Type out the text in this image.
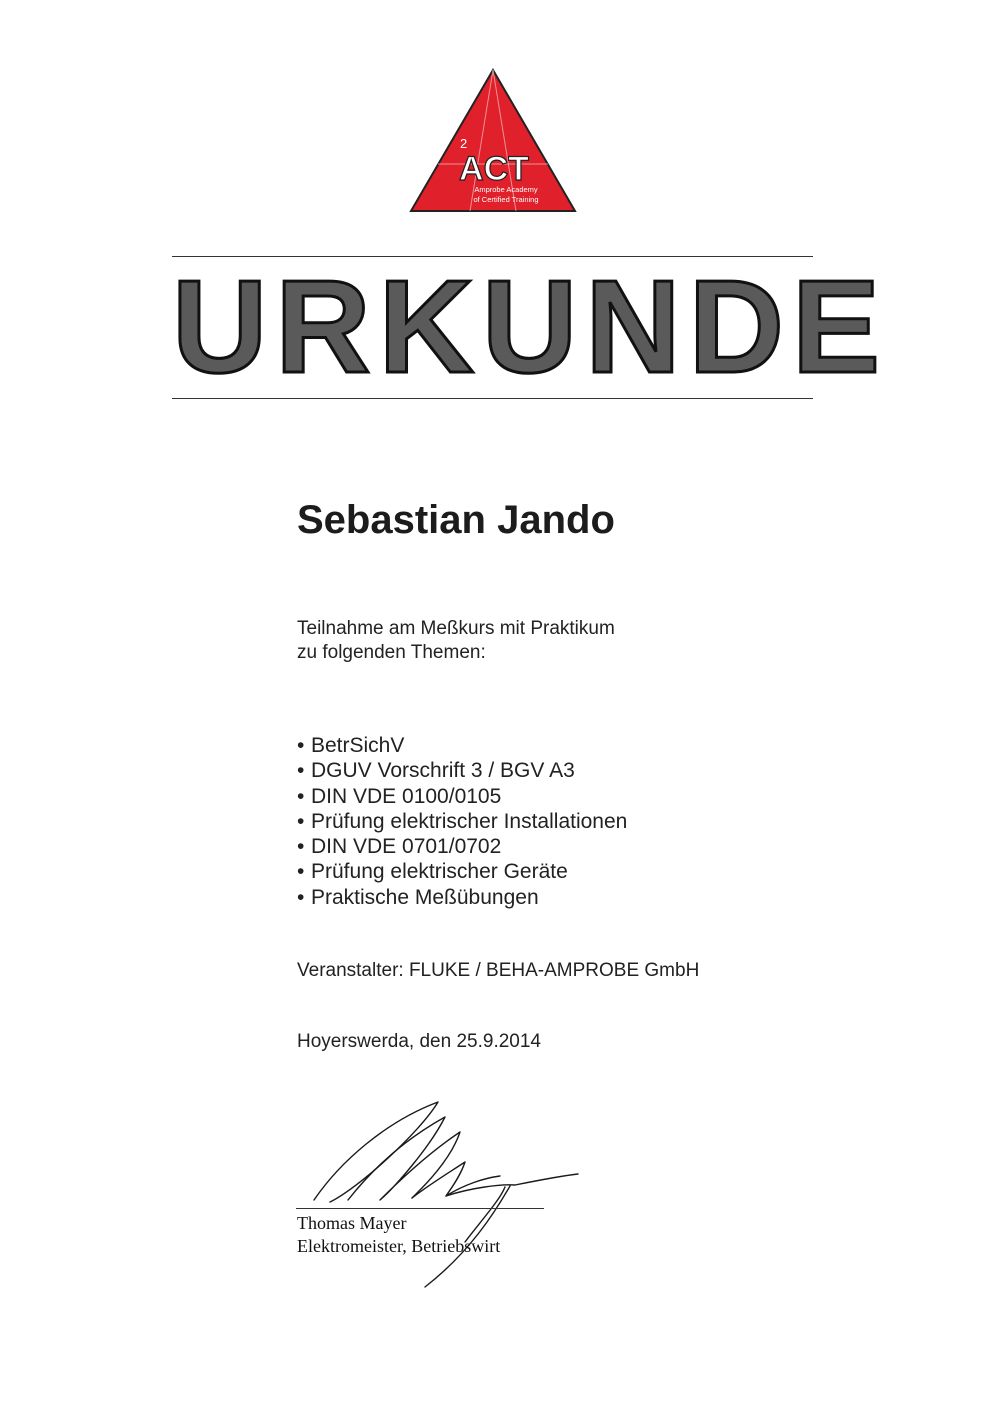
2
ACT
Amprobe Academy
of Certified Training
URKUNDE
Sebastian Jando
Teilnahme am Meßkurs mit Praktikum
zu folgenden Themen:
• BetrSichV
• DGUV Vorschrift 3 / BGV A3
• DIN VDE 0100/0105
• Prüfung elektrischer Installationen
• DIN VDE 0701/0702
• Prüfung elektrischer Geräte
• Praktische Meßübungen
Veranstalter: FLUKE / BEHA-AMPROBE GmbH
Hoyerswerda, den 25.9.2014
Thomas Mayer
Elektromeister, Betriebswirt
